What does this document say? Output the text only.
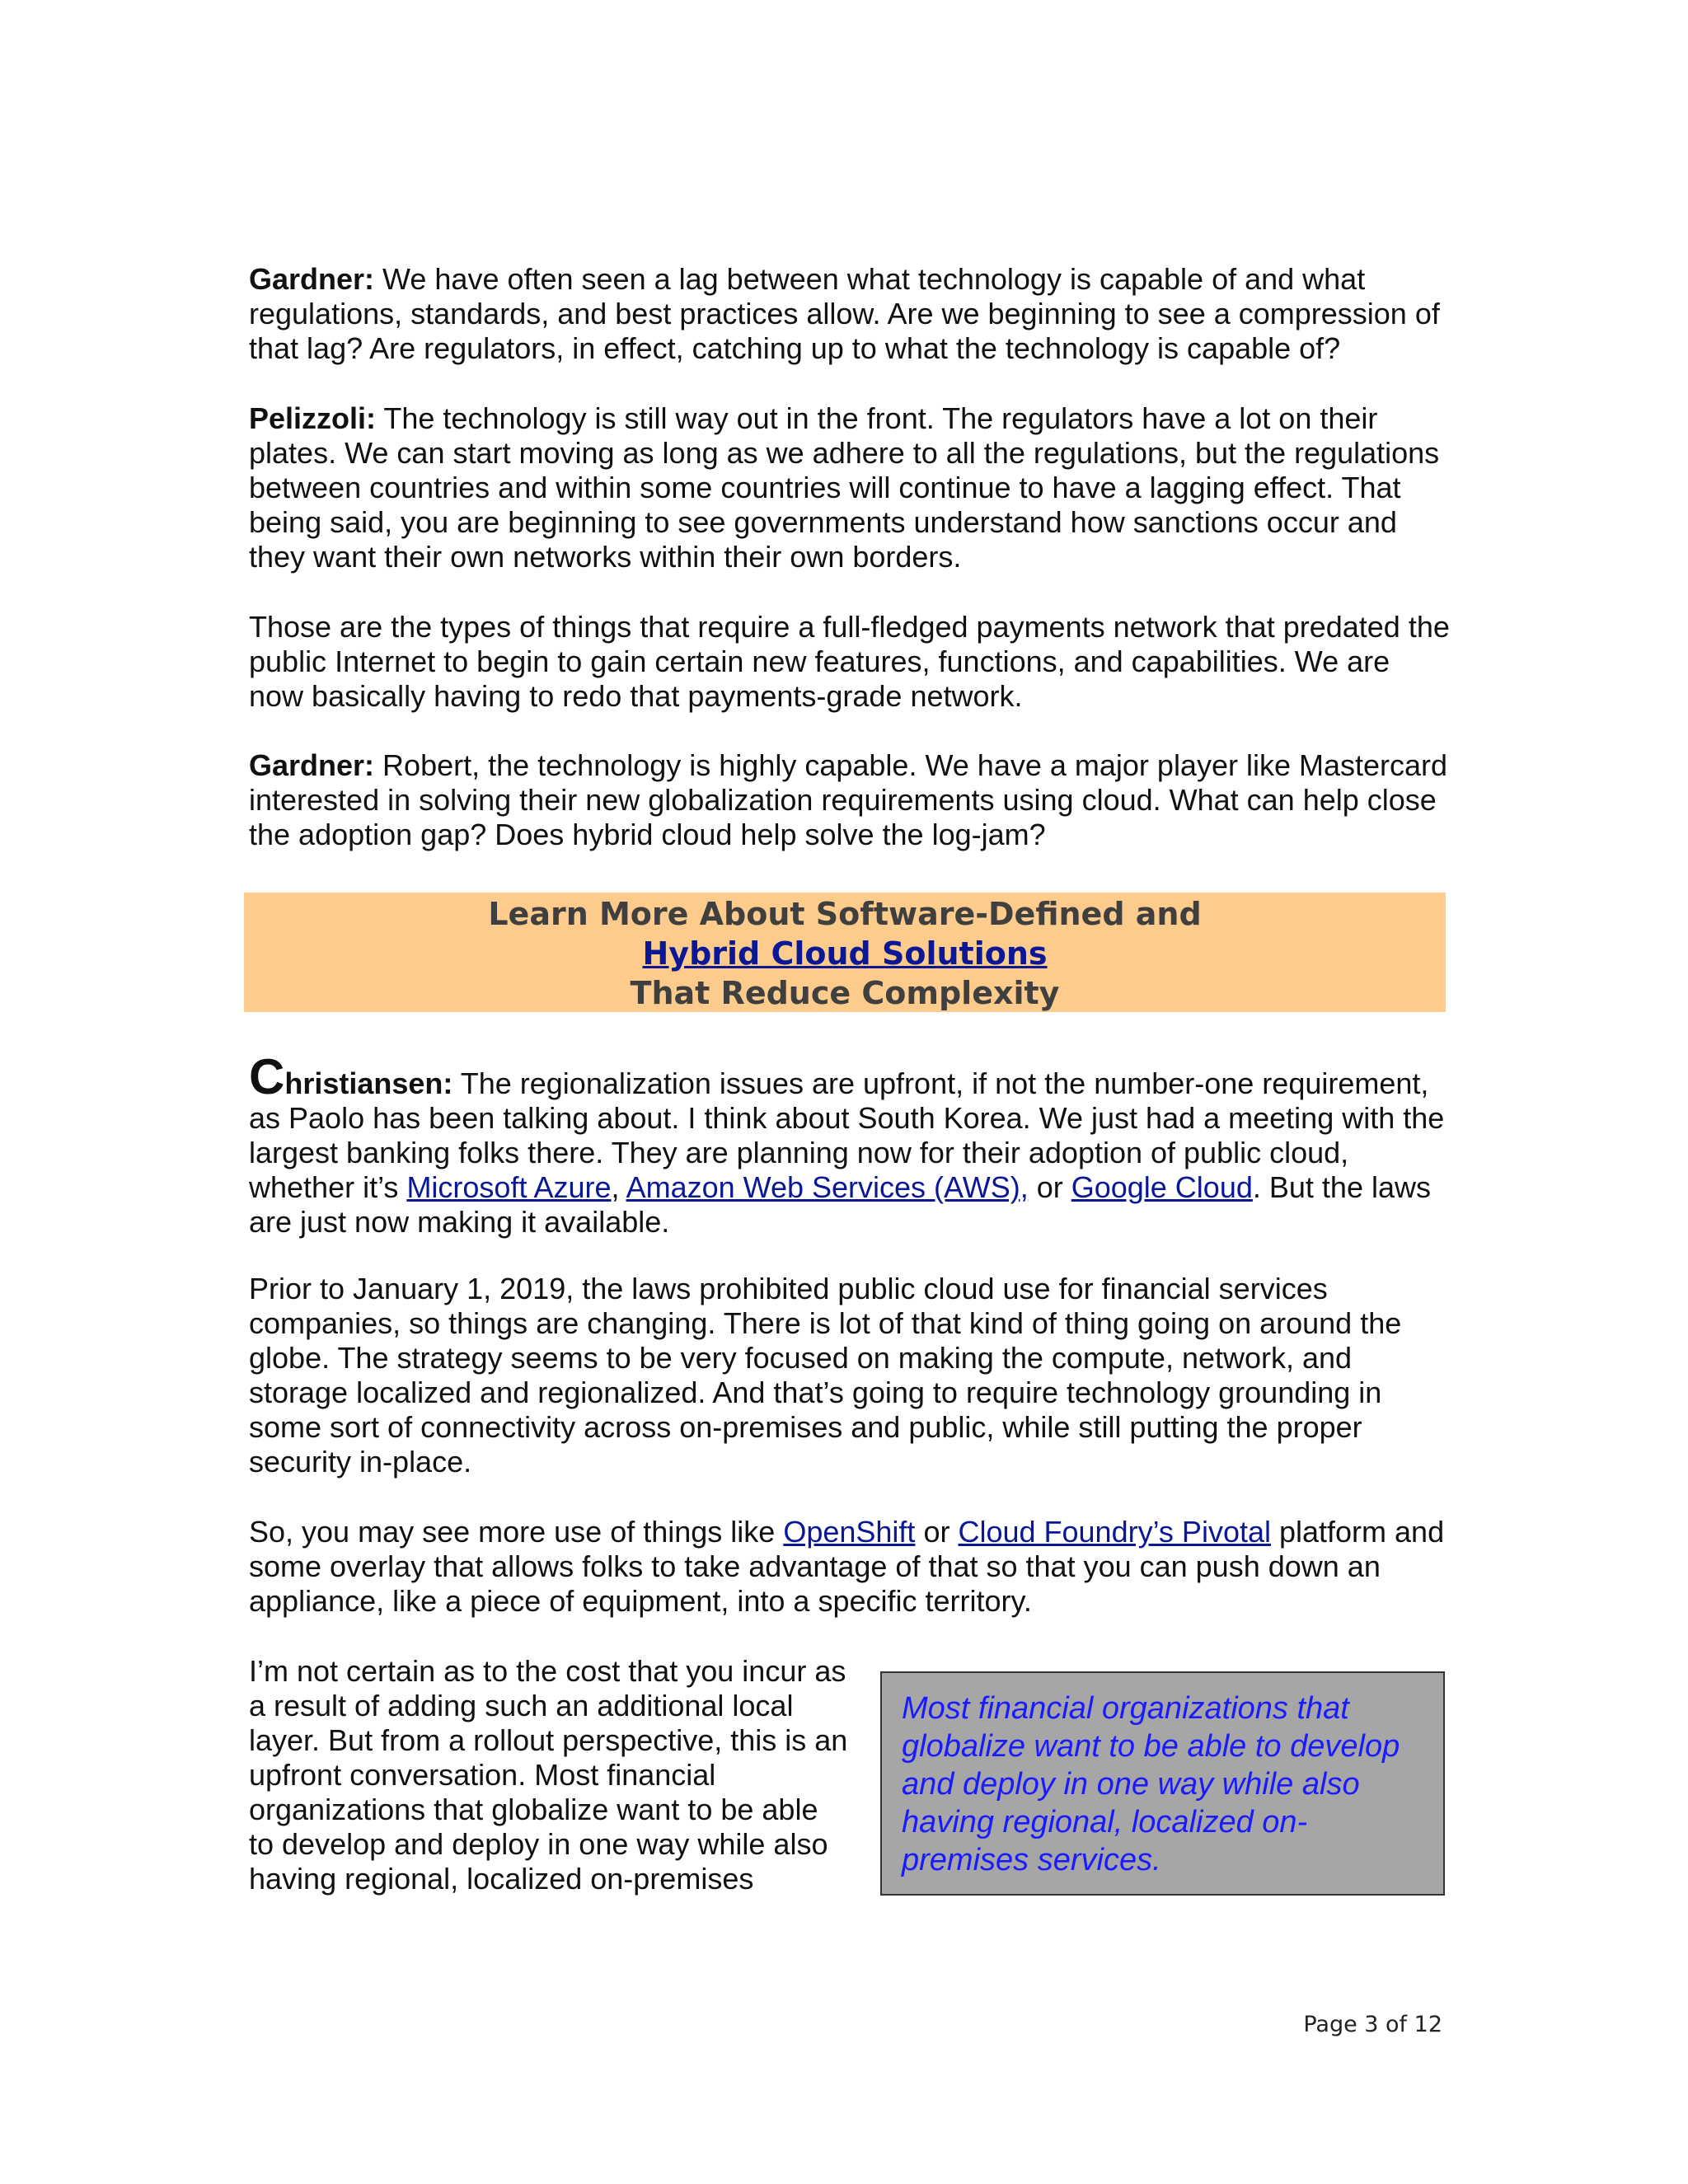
Gardner: We have often seen a lag between what technology is capable of and what regulations, standards, and best practices allow. Are we beginning to see a compression of that lag? Are regulators, in effect, catching up to what the technology is capable of?

Pelizzoli: The technology is still way out in the front. The regulators have a lot on their plates. We can start moving as long as we adhere to all the regulations, but the regulations between countries and within some countries will continue to have a lagging effect. That being said, you are beginning to see governments understand how sanctions occur and they want their own networks within their own borders.

Those are the types of things that require a full-fledged payments network that predated the public Internet to begin to gain certain new features, functions, and capabilities. We are now basically having to redo that payments-grade network.

Gardner: Robert, the technology is highly capable. We have a major player like Mastercard interested in solving their new globalization requirements using cloud. What can help close the adoption gap? Does hybrid cloud help solve the log-jam?

Learn More About Software-Defined and
Hybrid Cloud Solutions
That Reduce Complexity

Christiansen: The regionalization issues are upfront, if not the number-one requirement, as Paolo has been talking about. I think about South Korea. We just had a meeting with the largest banking folks there. They are planning now for their adoption of public cloud, whether it’s Microsoft Azure, Amazon Web Services (AWS), or Google Cloud. But the laws are just now making it available.

Prior to January 1, 2019, the laws prohibited public cloud use for financial services companies, so things are changing. There is lot of that kind of thing going on around the globe. The strategy seems to be very focused on making the compute, network, and storage localized and regionalized. And that’s going to require technology grounding in some sort of connectivity across on-premises and public, while still putting the proper security in-place.

So, you may see more use of things like OpenShift or Cloud Foundry’s Pivotal platform and some overlay that allows folks to take advantage of that so that you can push down an appliance, like a piece of equipment, into a specific territory.

I’m not certain as to the cost that you incur as a result of adding such an additional local layer. But from a rollout perspective, this is an upfront conversation. Most financial organizations that globalize want to be able to develop and deploy in one way while also having regional, localized on-premises

Most financial organizations that globalize want to be able to develop and deploy in one way while also having regional, localized on-premises services.
Page 3 of 12
